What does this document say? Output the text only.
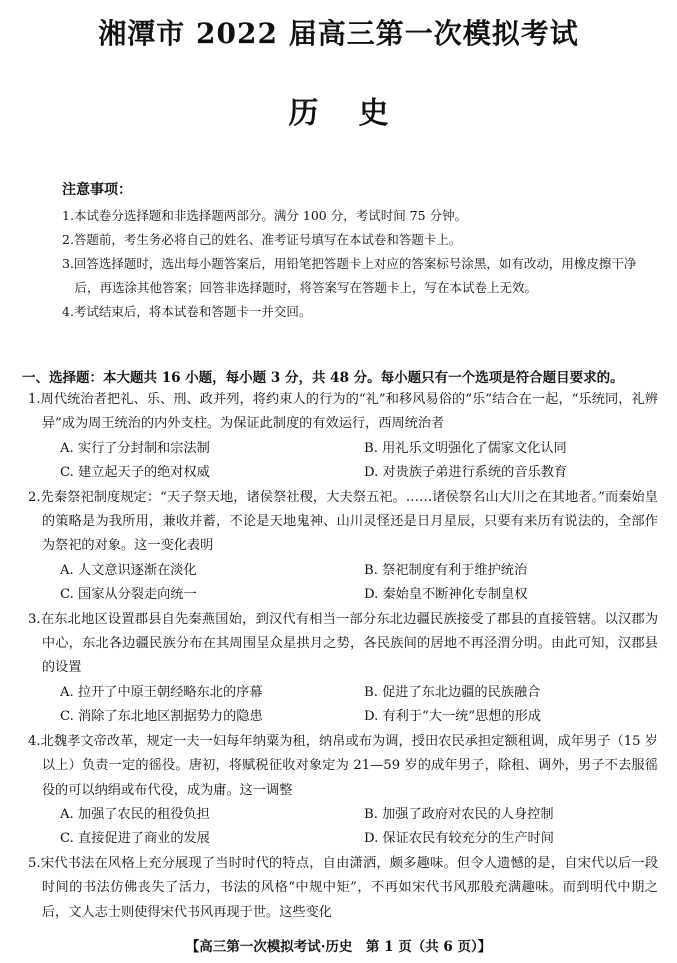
湘潭市 2022 届高三第一次模拟考试
历史
注意事项：
1.本试卷分选择题和非选择题两部分。满分 100 分，考试时间 75 分钟。
2.答题前，考生务必将自己的姓名、准考证号填写在本试卷和答题卡上。
3.回答选择题时，选出每小题答案后，用铅笔把答题卡上对应的答案标号涂黑，如有改动，用橡皮擦干净后，再选涂其他答案；回答非选择题时，将答案写在答题卡上，写在本试卷上无效。
4.考试结束后，将本试卷和答题卡一并交回。
一、选择题：本大题共 16 小题，每小题 3 分，共 48 分。每小题只有一个选项是符合题目要求的。
1.周代统治者把礼、乐、刑、政并列，将约束人的行为的“礼”和移风易俗的“乐”结合在一起，“乐统同，礼辨异”成为周王统治的内外支柱。为保证此制度的有效运行，西周统治者
A. 实行了分封制和宗法制	B. 用礼乐文明强化了儒家文化认同
C. 建立起天子的绝对权威	D. 对贵族子弟进行系统的音乐教育
2.先秦祭祀制度规定：“天子祭天地，诸侯祭社稷，大夫祭五祀。……诸侯祭名山大川之在其地者。”而秦始皇的策略是为我所用，兼收并蓄，不论是天地鬼神、山川灵怪还是日月星辰，只要有来历有说法的，全部作为祭祀的对象。这一变化表明
A. 人文意识逐渐在淡化	B. 祭祀制度有利于维护统治
C. 国家从分裂走向统一	D. 秦始皇不断神化专制皇权
3.在东北地区设置郡县自先秦燕国始，到汉代有相当一部分东北边疆民族接受了郡县的直接管辖。以汉郡为中心，东北各边疆民族分布在其周围呈众星拱月之势，各民族间的居地不再泾渭分明。由此可知，汉郡县的设置
A. 拉开了中原王朝经略东北的序幕	B. 促进了东北边疆的民族融合
C. 消除了东北地区割据势力的隐患	D. 有利于“大一统”思想的形成
4.北魏孝文帝改革，规定一夫一妇每年纳粟为租，纳帛或布为调，授田农民承担定额租调，成年男子（15 岁以上）负责一定的徭役。唐初，将赋税征收对象定为 21—59 岁的成年男子，除租、调外，男子不去服徭役的可以纳绢或布代役，成为庸。这一调整
A. 加强了农民的租役负担	B. 加强了政府对农民的人身控制
C. 直接促进了商业的发展	D. 保证农民有较充分的生产时间
5.宋代书法在风格上充分展现了当时时代的特点，自由潇洒，颇多趣味。但令人遗憾的是，自宋代以后一段时间的书法仿佛丧失了活力，书法的风格“中规中矩”，不再如宋代书风那般充满趣味。而到明代中期之后，文人志士则使得宋代书风再现于世。这些变化
【高三第一次模拟考试·历史　第 1 页（共 6 页）】
